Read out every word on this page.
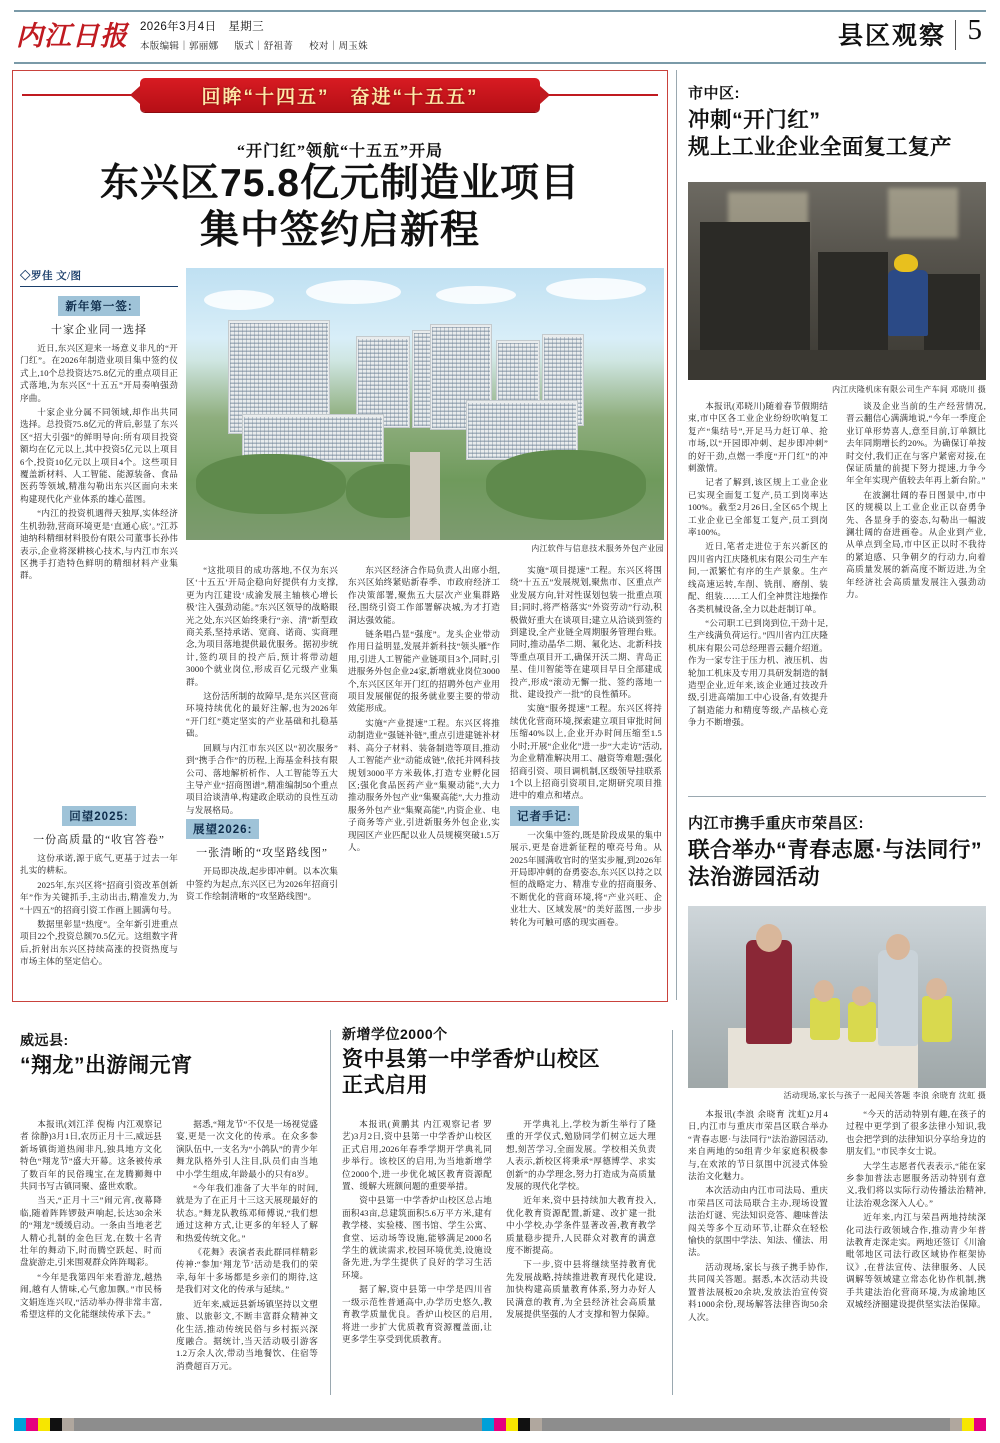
内江日报 2026年3月4日　星期三
本版编辑｜郭丽娜 版式｜舒祖菁 校对｜周玉姝	县区观察 5
回眸“十四五”　奋进“十五五”
“开门红”领航“十五五”开局
东兴区75.8亿元制造业项目
集中签约启新程
◇罗佳 文/图
新年第一签:
十家企业同一选择

近日,东兴区迎来一场意义非凡的“开门红”。在2026年制造业项目集中签约仪式上,10个总投资达75.8亿元的重点项目正式落地,为东兴区“十五五”开局奏响强劲序曲。

十家企业分属不同领域,却作出共同选择。总投资75.8亿元的背后,彰显了东兴区“招大引强”的鲜明导向:所有项目投资额均在亿元以上,其中投资5亿元以上项目6个,投资10亿元以上项目4个。这些项目覆盖新材料、人工智能、能源装备、食品医药等领域,精准勾勒出东兴区面向未来构建现代化产业体系的雄心蓝图。

“内江的投资机遇得天独厚,实体经济生机勃勃,营商环境更是‘直通心底’。”江苏迪纳科精细材料股份有限公司董事长孙伟表示,企业将深耕核心技术,与内江市东兴区携手打造特色鲜明的精细材料产业集群。

回望2025:
一份高质量的“收官答卷”

这份承诺,源于底气,更基于过去一年扎实的耕耘。

2025年,东兴区将“招商引资改革创新年”作为关键抓手,主动出击,精准发力,为“十四五”的招商引资工作画上圆满句号。

数据里彰显“热度”。全年新引进重点项目22个,投资总额70.5亿元。这组数字背后,折射出东兴区持续高涨的投资热度与市场主体的坚定信心。

内江软件与信息技术服务外包产业园

“这批项目的成功落地,不仅为东兴区‘十五五’开局企稳向好提供有力支撑,更为内江建设‘成渝发展主轴核心增长极’注入强劲动能。”东兴区领导的战略眼光之处,东兴区始终秉行“亲、清”新型政商关系,坚持承诺、宽商、诺商、实商理念,为项目落地提供最优服务。据初步统计,签约项目的投产后,预计将带动超3000个就业岗位,形成百亿元级产业集群。

这份活所制的故障早,是东兴区营商环境持续优化的最好注解,也为2026年“开门红”奠定坚实的产业基础和扎稳基础。

回顾与内江市东兴区以“初次服务”到“携手合作”的历程,上海基金科技有限公司、落地解析析作、人工智能等五大主导产业“招商图谱”,精准编制50个重点项目洽谈清单,构建政企联动的良性互动与发展格局。

展望2026:
一张清晰的“攻坚路线图”

开局即决战,起步即冲刺。以本次集中签约为起点,东兴区已为2026年招商引资工作绘制清晰的“攻坚路线图”。

东兴区经济合作局负责人出席小组,东兴区始终紧贴新春季、市政府经济工作决策部署,聚焦五大层次产业集群路径,围绕引资工作部署解决城,为才打造洞达强效能。

链条唱凸显“强度”。龙头企业带动作用日益明显,发展并新科技“领头雁”作用,引进人工智能产业链项目3个,同时,引进服务外包企业24家,新增就业岗位3000个,东兴区区年开门红的招聘外包产业用项目发展催促的报务就业要主要的带动效能形成。

实施“产业提速”工程。东兴区将推动制造业“强链补链”,重点引进建链补材料、高分子材料、装备制造等项目,推动人工智能产业“动能成链”,依托并网科技规划3000平方米载体,打造专业孵化园区;强化食品医药产业“集聚动能”,大力推动服务外包产业“集聚高能”,大力推动服务外包产业“集聚高能”,内资企业、电子商务等产业,引进新服务外包企业,实现园区产业匹配以业人员规模突破1.5万人。

实施“项目提速”工程。东兴区将围绕“十五五”发展规划,聚焦市、区重点产业发展方向,针对性谋划包装一批重点项目;同时,将严格落实“外资劳动”行动,积极做好重大在谈项目;建立从洽谈到签约到建设,全产业链全周期服务管理台账。同时,推动晶华二期、氟化达、北新科技等重点项目开工,确保开沃二期、青岛正星、佳川智能等在建项目早日全部建成投产,形成“滚动无懈一批、签约落地一批、建设投产一批”的良性循环。

实施“服务提速”工程。东兴区将持续优化营商环境,探索建立项目审批时间压缩40%以上,企业开办时间压缩至1.5小时;开展“企业化”进一步“大走访”活动,为企业精准解决用工、融资等难题;强化招商引资、项目调机制,区级领导挂联系1个以上招商引资项目,定期研究项目推进中的难点和堵点。

记者手记:

一次集中签约,既是阶段成果的集中展示,更是奋进新征程的嘹亮号角。从2025年圆满收官时的坚实步履,到2026年开局即冲刺的奋勇姿态,东兴区以持之以恒的战略定力、精准专业的招商服务、不断优化的营商环境,将“产业兴旺、企业壮大、区域发展”的美好蓝图,一步步转化为可触可感的现实画卷。

市中区:
冲刺“开门红”
规上工业企业全面复工复产
内江庆隆机床有限公司生产车间 邓晓川 摄

本报讯(邓晓川)随着春节假期结束,市中区各工业企业纷纷吹响复工复产“集结号”,开足马力赶订单、抢市场,以“开园即冲刺、起步即冲刺”的好干劲,点燃一季度“开门红”的冲刺激情。

记者了解到,该区规上工业企业已实现全面复工复产,员工到岗率达100%。截至2月26日,全区65个规上工业企业已全部复工复产,员工到岗率100%。

近日,笔者走进位于东兴新区的四川省内江庆隆机床有限公司生产车间,一派繁忙有序的生产景象。生产线高速运转,车削、铣削、磨削、装配、组装……工人们全神贯注地操作各类机械设备,全力以赴赶制订单。

“公司职工已到岗到位,干劲十足,生产线满负荷运行。”四川省内江庆隆机床有限公司总经理晋云翻介绍道。作为一家专注于压力机、液压机、齿轮加工机床及专用刀具研发制造的制造型企业,近年来,该企业通过技改升级,引进高端加工中心设备,有效提升了制造能力和精度等级,产品核心竞争力不断增强。

谈及企业当前的生产经营情况,晋云翻信心满满地说,“今年一季度企业订单形势喜人,意至目前,订单额比去年同期增长约20%。为确保订单按时交付,我们正在与客户紧密对接,在保证质量的前提下努力提速,力争今年全年实现产值较去年再上新台阶。”

在波澜壮阔的春日图景中,市中区的规模以上工业企业正以奋勇争先、各显身手的姿态,勾勒出一幅波澜壮阔的奋进画卷。从企业到产业,从单点到全局,市中区正以时不我待的紧迫感、只争朝夕的行动力,向着高质量发展的新高度不断迈进,为全年经济社会高质量发展注入强劲动力。

内江市携手重庆市荣昌区:
联合举办“青春志愿·与法同行”
法治游园活动
活动现场,家长与孩子一起闯关答题 李浪 余晓育 沈虹 摄

本报讯(李浪 余晓育 沈虹)2月4日,内江市与重庆市荣昌区联合举办“青春志愿·与法同行”法治游园活动,来自两地的50组青少年家庭积极参与,在欢浓的节日氛围中沉浸式体验法治文化魅力。

本次活动由内江市司法局、重庆市荣昌区司法局联合主办,现场设置法治灯谜、宪法知识竞答、趣味普法闯关等多个互动环节,让群众在轻松愉快的氛围中学法、知法、懂法、用法。

活动现场,家长与孩子携手协作,共同闯关答题。据悉,本次活动共设置普法展板20余块,发放法治宣传资料1000余份,现场解答法律咨询50余人次。

“今天的活动特别有趣,在孩子的过程中更学到了很多法律小知识,我也会把学到的法律知识分享给身边的朋友们。”市民李女士说。

大学生志愿者代表表示,“能在家乡参加普法志愿服务活动特别有意义,我们将以实际行动传播法治精神,让法治观念深入人心。”

近年来,内江与荣昌两地持续深化司法行政领域合作,推动青少年普法教育走深走实。两地还签订《川渝毗邻地区司法行政区域协作框架协议》,在普法宣传、法律服务、人民调解等领域建立常态化协作机制,携手共建法治化营商环境,为成渝地区双城经济圈建设提供坚实法治保障。

威远县:
“翔龙”出游闹元宵

本报讯(刘江洋 倪梅 内江观察记者 徐静)3月1日,农历正月十三,威远县新场镇街道热闹非凡,独具地方文化特色“翔龙节”盛大开幕。这条被传承了数百年的民俗瑰宝,在龙腾狮舞中共同书写古镇同聚、盛世欢歌。

当天,“正月十三”闹元宵,夜幕降临,随着阵阵锣鼓声响起,长达30余米的“翔龙”缓缓启动。一条由当地老艺人精心扎制的金色巨龙,在数十名青壮年的舞动下,时而腾空跃起、时而盘旋游走,引来围观群众阵阵喝彩。

“今年是我第四年来看游龙,越热闹,越有人情味,心气愈加飘。”市民杨文娟连连兴叹,“活动举办得非常丰富,希望这样的文化能继续传承下去。”

据悉,“翔龙节”不仅是一场视觉盛宴,更是一次文化的传承。在众多参演队伍中,一支名为“小鸽队”的青少年舞龙队格外引人注目,队员们由当地中小学生组成,年龄最小的只有8岁。

“今年我们准备了大半年的时间,就是为了在正月十三这天展现最好的状态。”舞龙队教练邓师傅说,“我们想通过这种方式,让更多的年轻人了解和热爱传统文化。”

《花舞》表演者表此群同样精彩传神:“参加‘翔龙节’活动是我们的荣幸,每年十多场都是乡亲们的期待,这是我们对文化的传承与延续。”

近年来,威远县新场镇坚持以文塑旅、以旅彰文,不断丰富群众精神文化生活,推动传统民俗与乡村振兴深度融合。据统计,当天活动吸引游客1.2万余人次,带动当地餐饮、住宿等消费超百万元。

新增学位2000个
资中县第一中学香炉山校区
正式启用

本报讯(黄鹏其 内江观察记者 罗艺)3月2日,资中县第一中学香炉山校区正式启用,2026年春季学期开学典礼同步举行。该校区的启用,为当地新增学位2000个,进一步优化城区教育资源配置、缓解大班额问题的重要举措。

资中县第一中学香炉山校区总占地面积43亩,总建筑面积5.6万平方米,建有教学楼、实验楼、图书馆、学生公寓、食堂、运动场等设施,能够满足2000名学生的就读需求,校园环境优美,设施设备先进,为学生提供了良好的学习生活环境。

据了解,资中县第一中学是四川省一级示范性普通高中,办学历史悠久,教育教学质量优良。香炉山校区的启用,将进一步扩大优质教育资源覆盖面,让更多学生享受到优质教育。

开学典礼上,学校为新生举行了隆重的开学仪式,勉励同学们树立远大理想,刻苦学习,全面发展。学校相关负责人表示,新校区将秉承“厚德博学、求实创新”的办学理念,努力打造成为高质量发展的现代化学校。

近年来,资中县持续加大教育投入,优化教育资源配置,新建、改扩建一批中小学校,办学条件显著改善,教育教学质量稳步提升,人民群众对教育的满意度不断提高。

下一步,资中县将继续坚持教育优先发展战略,持续推进教育现代化建设,加快构建高质量教育体系,努力办好人民满意的教育,为全县经济社会高质量发展提供坚强的人才支撑和智力保障。
